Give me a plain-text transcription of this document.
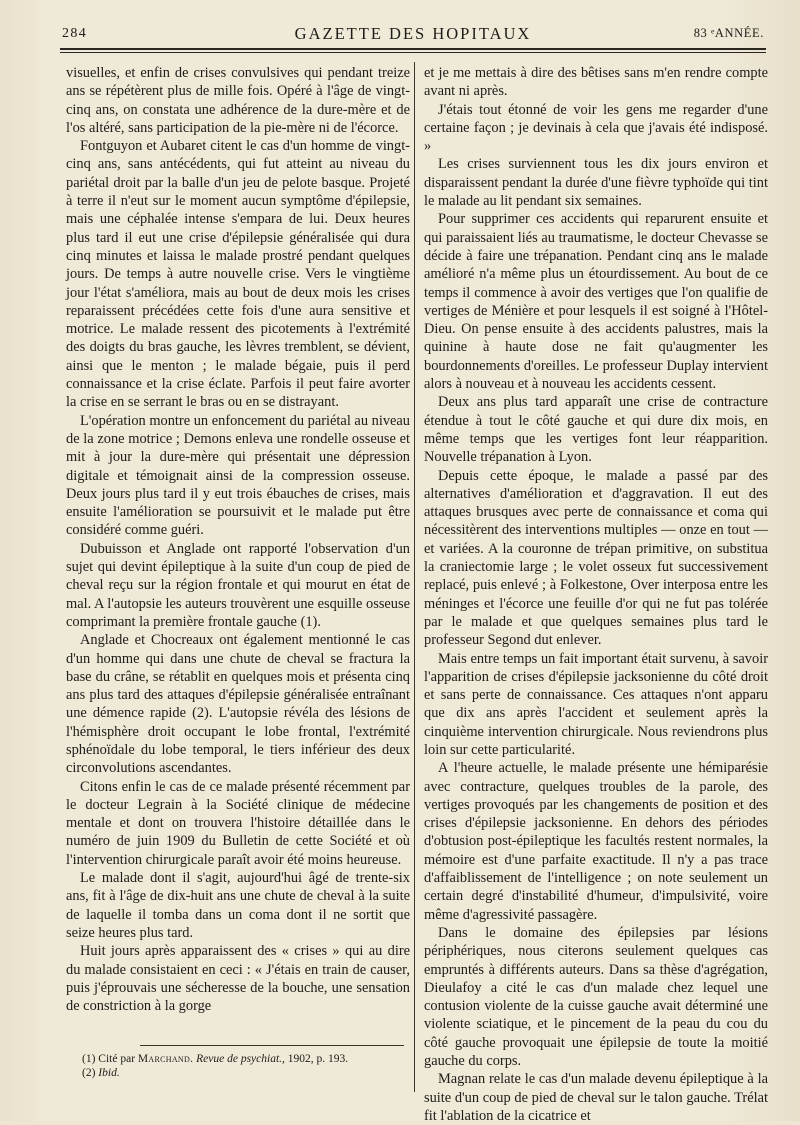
284	GAZETTE DES HOPITAUX	83 ᵉANNÉE.

visuelles, et enfin de crises convulsives qui pendant treize ans se répétèrent plus de mille fois. Opéré à l'âge de vingt-cinq ans, on constata une adhérence de la dure-mère et de l'os altéré, sans participation de la pie-mère ni de l'écorce.

Fontguyon et Aubaret citent le cas d'un homme de vingt-cinq ans, sans antécédents, qui fut atteint au niveau du pariétal droit par la balle d'un jeu de pelote basque. Projeté à terre il n'eut sur le moment aucun symptôme d'épilepsie, mais une céphalée intense s'empara de lui. Deux heures plus tard il eut une crise d'épilepsie généralisée qui dura cinq minutes et laissa le malade prostré pendant quelques jours. De temps à autre nouvelle crise. Vers le vingtième jour l'état s'améliora, mais au bout de deux mois les crises reparaissent précédées cette fois d'une aura sensitive et motrice. Le malade ressent des picotements à l'extrémité des doigts du bras gauche, les lèvres tremblent, se dévient, ainsi que le menton ; le malade bégaie, puis il perd connaissance et la crise éclate. Parfois il peut faire avorter la crise en se serrant le bras ou en se distrayant.

L'opération montre un enfoncement du pariétal au niveau de la zone motrice ; Demons enleva une rondelle osseuse et mit à jour la dure-mère qui présentait une dépression digitale et témoignait ainsi de la compression osseuse. Deux jours plus tard il y eut trois ébauches de crises, mais ensuite l'amélioration se poursuivit et le malade put être considéré comme guéri.

Dubuisson et Anglade ont rapporté l'observation d'un sujet qui devint épileptique à la suite d'un coup de pied de cheval reçu sur la région frontale et qui mourut en état de mal. A l'autopsie les auteurs trouvèrent une esquille osseuse comprimant la première frontale gauche (1).

Anglade et Chocreaux ont également mentionné le cas d'un homme qui dans une chute de cheval se fractura la base du crâne, se rétablit en quelques mois et présenta cinq ans plus tard des attaques d'épilepsie généralisée entraînant une démence rapide (2). L'autopsie révéla des lésions de l'hémisphère droit occupant le lobe frontal, l'extrémité sphénoïdale du lobe temporal, le tiers inférieur des deux circonvolutions ascendantes.

Citons enfin le cas de ce malade présenté récemment par le docteur Legrain à la Société clinique de médecine mentale et dont on trouvera l'histoire détaillée dans le numéro de juin 1909 du Bulletin de cette Société et où l'intervention chirurgicale paraît avoir été moins heureuse.

Le malade dont il s'agit, aujourd'hui âgé de trente-six ans, fit à l'âge de dix-huit ans une chute de cheval à la suite de laquelle il tomba dans un coma dont il ne sortit que seize heures plus tard.

Huit jours après apparaissent des « crises » qui au dire du malade consistaient en ceci : « J'étais en train de causer, puis j'éprouvais une sécheresse de la bouche, une sensation de constriction à la gorge

et je me mettais à dire des bêtises sans m'en rendre compte avant ni après.

J'étais tout étonné de voir les gens me regarder d'une certaine façon ; je devinais à cela que j'avais été indisposé. »

Les crises surviennent tous les dix jours environ et disparaissent pendant la durée d'une fièvre typhoïde qui tint le malade au lit pendant six semaines.

Pour supprimer ces accidents qui reparurent ensuite et qui paraissaient liés au traumatisme, le docteur Chevasse se décide à faire une trépanation. Pendant cinq ans le malade amélioré n'a même plus un étourdissement. Au bout de ce temps il commence à avoir des vertiges que l'on qualifie de vertiges de Ménière et pour lesquels il est soigné à l'Hôtel-Dieu. On pense ensuite à des accidents palustres, mais la quinine à haute dose ne fait qu'augmenter les bourdonnements d'oreilles. Le professeur Duplay intervient alors à nouveau et à nouveau les accidents cessent.

Deux ans plus tard apparaît une crise de contracture étendue à tout le côté gauche et qui dure dix mois, en même temps que les vertiges font leur réapparition. Nouvelle trépanation à Lyon.

Depuis cette époque, le malade a passé par des alternatives d'amélioration et d'aggravation. Il eut des attaques brusques avec perte de connaissance et coma qui nécessitèrent des interventions multiples — onze en tout — et variées. A la couronne de trépan primitive, on substitua la craniectomie large ; le volet osseux fut successivement replacé, puis enlevé ; à Folkestone, Over interposa entre les méninges et l'écorce une feuille d'or qui ne fut pas tolérée par le malade et que quelques semaines plus tard le professeur Segond dut enlever.

Mais entre temps un fait important était survenu, à savoir l'apparition de crises d'épilepsie jacksonienne du côté droit et sans perte de connaissance. Ces attaques n'ont apparu que dix ans après l'accident et seulement après la cinquième intervention chirurgicale. Nous reviendrons plus loin sur cette particularité.

A l'heure actuelle, le malade présente une hémiparésie avec contracture, quelques troubles de la parole, des vertiges provoqués par les changements de position et des crises d'épilepsie jacksonienne. En dehors des périodes d'obtusion post-épileptique les facultés restent normales, la mémoire est d'une parfaite exactitude. Il n'y a pas trace d'affaiblissement de l'intelligence ; on note seulement un certain degré d'instabilité d'humeur, d'impulsivité, voire même d'agressivité passagère.

Dans le domaine des épilepsies par lésions périphériques, nous citerons seulement quelques cas empruntés à différents auteurs. Dans sa thèse d'agrégation, Dieulafoy a cité le cas d'un malade chez lequel une contusion violente de la cuisse gauche avait déterminé une violente sciatique, et le pincement de la peau du cou du côté gauche provoquait une épilepsie de toute la moitié gauche du corps.

Magnan relate le cas d'un malade devenu épileptique à la suite d'un coup de pied de cheval sur le talon gauche. Trélat fit l'ablation de la cicatrice et

(1) Cité par Marchand. Revue de psychiat., 1902, p. 193.
(2) Ibid.
